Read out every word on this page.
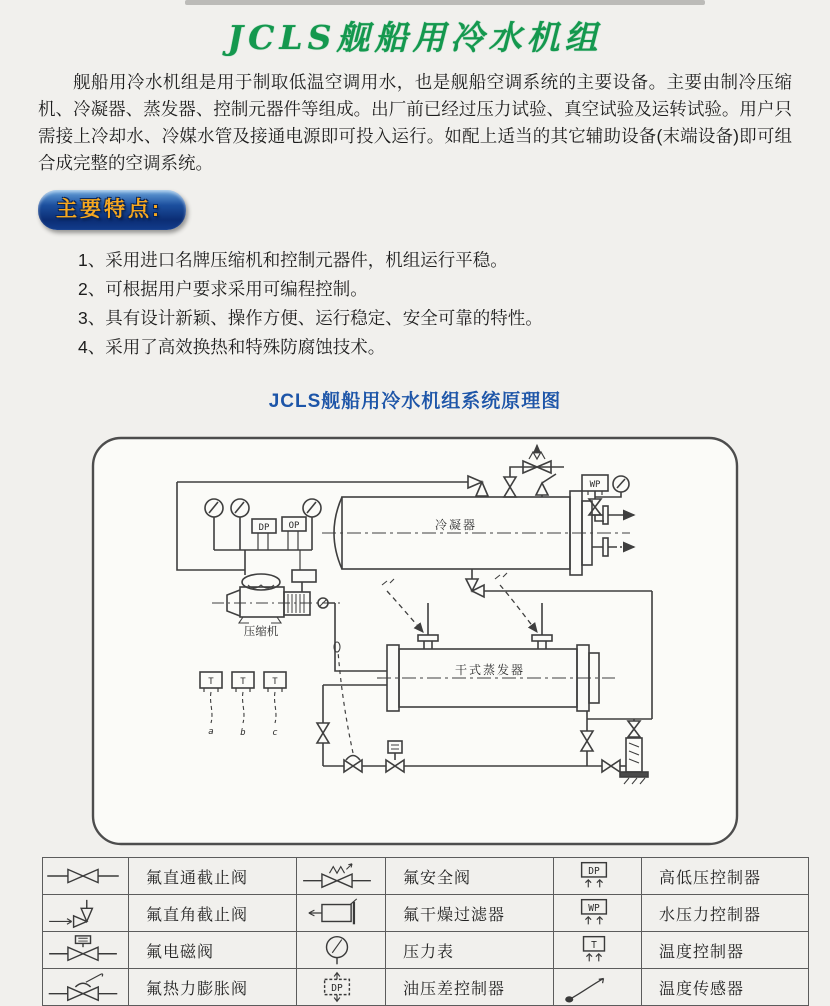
JCLS舰船用冷水机组
舰船用冷水机组是用于制取低温空调用水，也是舰船空调系统的主要设备。主要由制冷压缩机、冷凝器、蒸发器、控制元器件等组成。出厂前已经过压力试验、真空试验及运转试验。用户只需接上冷却水、冷媒水管及接通电源即可投入运行。如配上适当的其它辅助设备(末端设备)即可组合成完整的空调系统。
主要特点:
1、采用进口名牌压缩机和控制元器件，机组运行平稳。
2、可根据用户要求采用可编程控制。
3、具有设计新颖、操作方便、运行稳定、安全可靠的特性。
4、采用了高效换热和特殊防腐蚀技术。
JCLS舰船用冷水机组系统原理图
DP OP
压缩机
冷凝器
WP
干式蒸发器
T	T	T
a	b	c
	氟直通截止阀		氟安全阀	DP	高低压控制器

	氟直角截止阀		氟干燥过滤器	WP	水压力控制器

	氟电磁阀		压力表	T	温度控制器

	氟热力膨胀阀	DP	油压差控制器		温度传感器
